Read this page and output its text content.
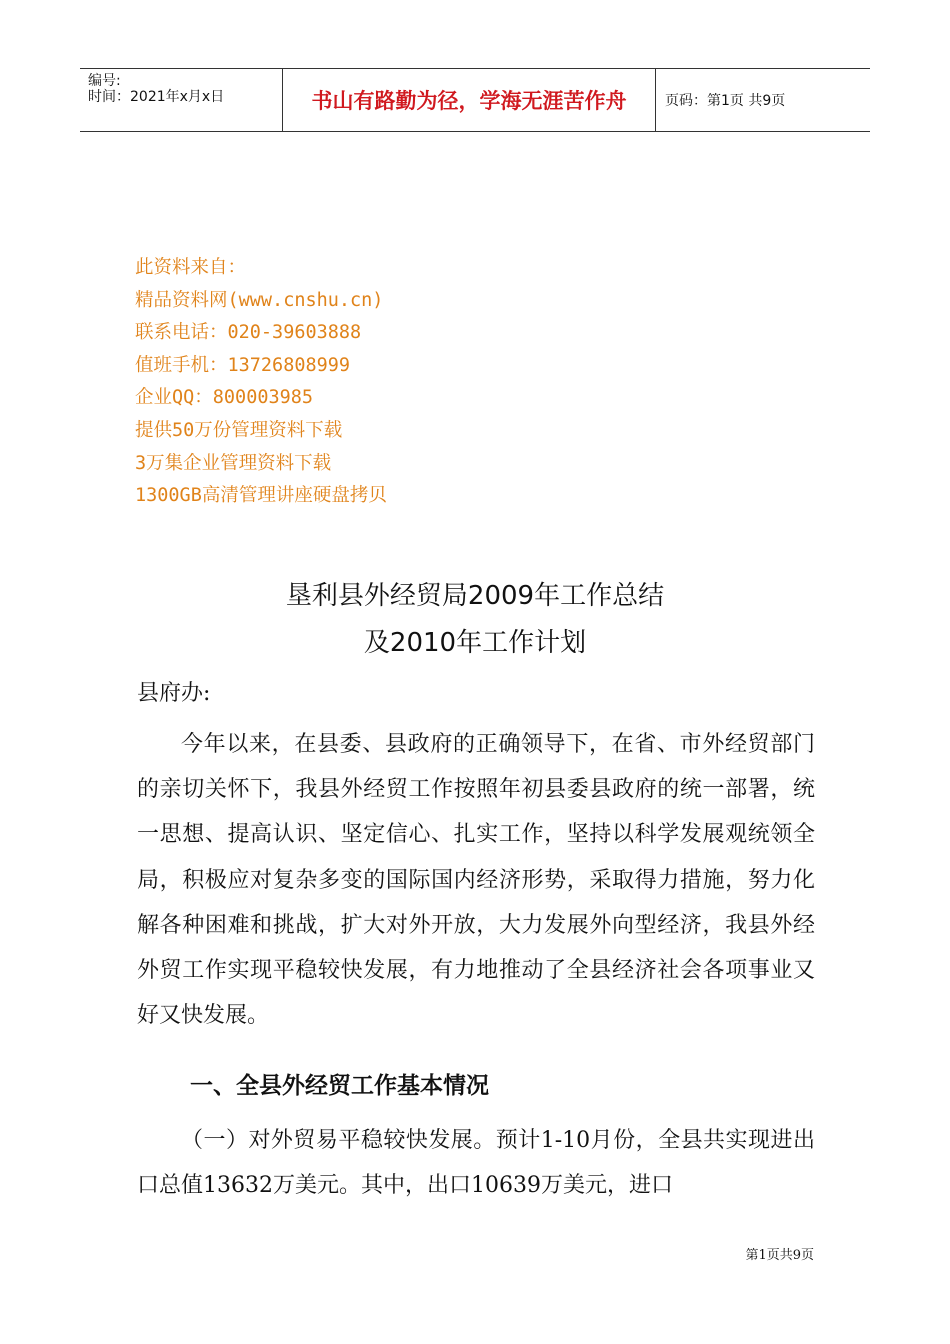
编号:
时间：2021年x月x日	书山有路勤为径，学海无涯苦作舟	页码：第1页 共9页
此资料来自：
精品资料网(www.cnshu.cn)
联系电话：020-39603888
值班手机：13726808999
企业QQ：800003985
提供50万份管理资料下载
3万集企业管理资料下载
1300GB高清管理讲座硬盘拷贝
垦利县外经贸局2009年工作总结
及2010年工作计划
县府办:
今年以来，在县委、县政府的正确领导下，在省、市外经贸部门的亲切关怀下，我县外经贸工作按照年初县委县政府的统一部署，统一思想、提高认识、坚定信心、扎实工作，坚持以科学发展观统领全局，积极应对复杂多变的国际国内经济形势，采取得力措施，努力化解各种困难和挑战，扩大对外开放，大力发展外向型经济，我县外经外贸工作实现平稳较快发展，有力地推动了全县经济社会各项事业又好又快发展。
一、全县外经贸工作基本情况
（一）对外贸易平稳较快发展。预计1-10月份，全县共实现进出口总值13632万美元。其中，出口10639万美元，进口
第1页共9页
